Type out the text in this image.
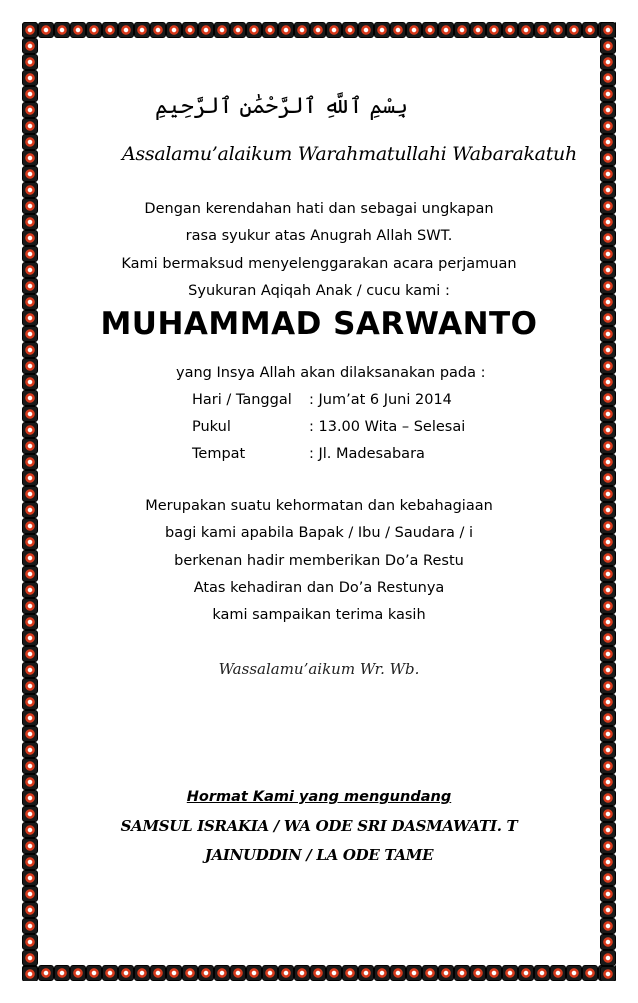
بِسْمِ ٱللَّهِ ٱلرَّحْمَٰنِ ٱلرَّحِيمِ
Assalamu’alaikum Warahmatullahi Wabarakatuh
Dengan kerendahan hati dan sebagai ungkapan
rasa syukur atas Anugrah Allah SWT.
Kami bermaksud menyelenggarakan acara perjamuan
Syukuran Aqiqah Anak / cucu kami :
MUHAMMAD SARWANTO
yang Insya Allah akan dilaksanakan pada :
Hari / Tanggal : Jum’at 6 Juni 2014
Pukul	: 13.00 Wita – Selesai
Tempat	: Jl. Madesabara
Merupakan suatu kehormatan dan kebahagiaan
bagi kami apabila Bapak / Ibu / Saudara / i
berkenan hadir memberikan Do’a Restu
Atas kehadiran dan Do’a Restunya
kami sampaikan terima kasih
Wassalamu’aikum Wr. Wb.
Hormat Kami yang mengundang
SAMSUL ISRAKIA / WA ODE SRI DASMAWATI. T
JAINUDDIN / LA ODE TAME
